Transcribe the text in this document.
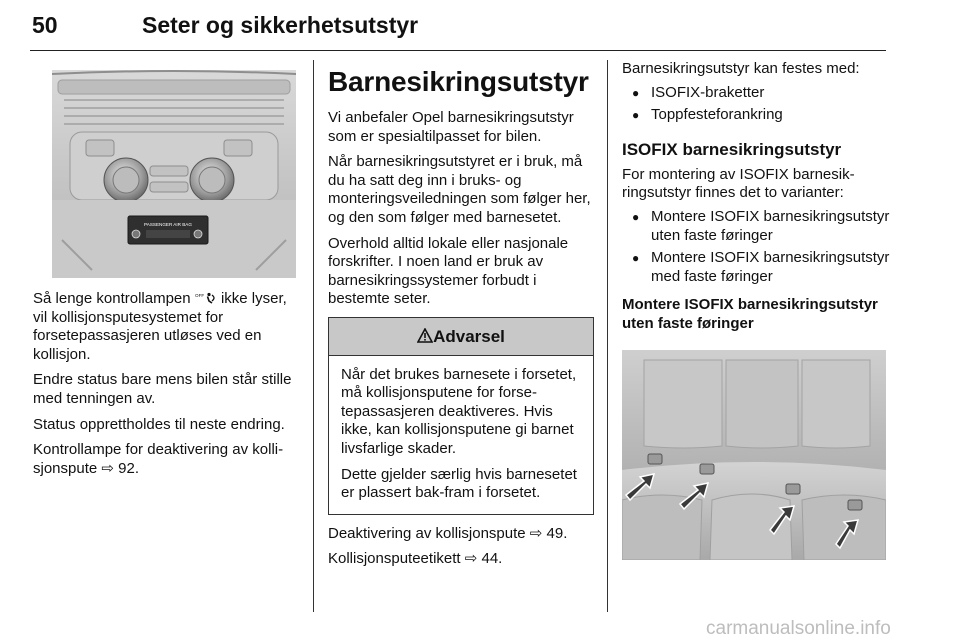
50	Seter og sikkerhetsutstyr
PASSENGER AIR BAG

Så lenge kontrollampen OFF ikke lyser, vil kollisjonsputesystemet for forsetepassasjeren utløses ved en kollisjon.

Endre status bare mens bilen står stille med tenningen av.

Status opprettholdes til neste endring.

Kontrollampe for deaktivering av kollisjonspute ⇨ 92.

Barnesikringsutstyr

Vi anbefaler Opel barnesikringsutstyr som er spesialtilpasset for bilen.

Når barnesikringsutstyret er i bruk, må du ha satt deg inn i bruks- og monteringsveiledningen som følger her, og den som følger med barnesetet.

Overhold alltid lokale eller nasjonale forskrifter. I noen land er bruk av barnesikringssystemer forbudt i bestemte seter.

Advarsel

Når det brukes barnesete i forsetet, må kollisjonsputene for forsetepassasjeren deaktiveres. Hvis ikke, kan kollisjonsputene gi barnet livsfarlige skader.

Dette gjelder særlig hvis barnesetet er plassert bak-fram i forsetet.

Deaktivering av kollisjonspute ⇨ 49.

Kollisjonsputeetikett ⇨ 44.

Barnesikringsutstyr kan festes med:

● ISOFIX-braketter
● Toppfesteforankring
ISOFIX barnesikringsutstyr

For montering av ISOFIX barnesikringsutstyr finnes det to varianter:

● Montere ISOFIX barnesikringsutstyr uten faste føringer
● Montere ISOFIX barnesikringsutstyr med faste føringer
Montere ISOFIX barnesikringsutstyr uten faste føringer
carmanualsonline.info
